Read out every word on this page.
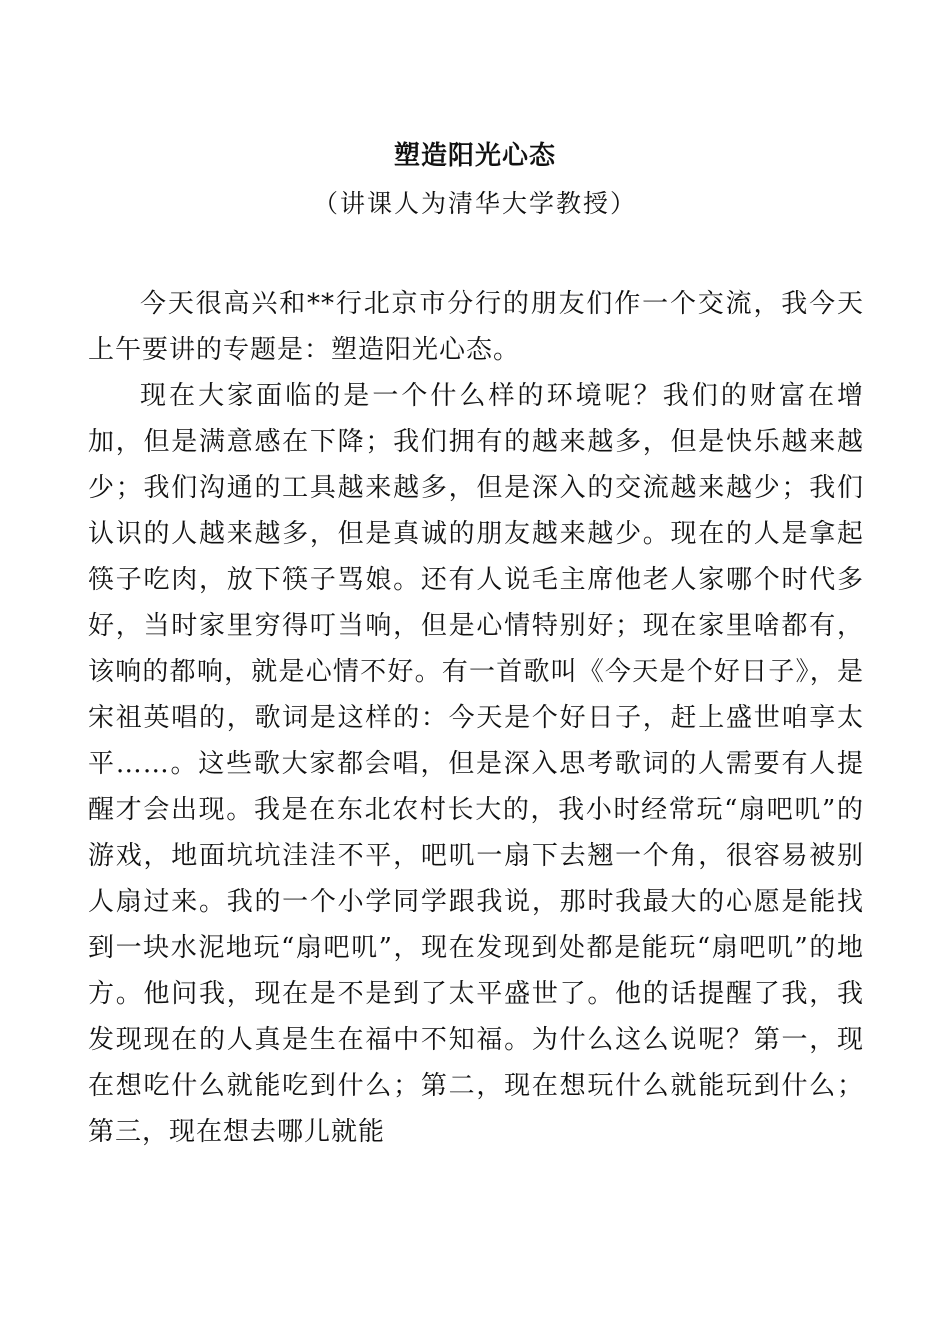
塑造阳光心态
（讲课人为清华大学教授）

今天很高兴和**行北京市分行的朋友们作一个交流，我今天上午要讲的专题是：塑造阳光心态。

现在大家面临的是一个什么样的环境呢？我们的财富在增加，但是满意感在下降；我们拥有的越来越多，但是快乐越来越少；我们沟通的工具越来越多，但是深入的交流越来越少；我们认识的人越来越多，但是真诚的朋友越来越少。现在的人是拿起筷子吃肉，放下筷子骂娘。还有人说毛主席他老人家哪个时代多好，当时家里穷得叮当响，但是心情特别好；现在家里啥都有，该响的都响，就是心情不好。有一首歌叫《今天是个好日子》，是宋祖英唱的，歌词是这样的：今天是个好日子，赶上盛世咱享太平……。这些歌大家都会唱，但是深入思考歌词的人需要有人提醒才会出现。我是在东北农村长大的，我小时经常玩“扇吧叽”的游戏，地面坑坑洼洼不平，吧叽一扇下去翘一个角，很容易被别人扇过来。我的一个小学同学跟我说，那时我最大的心愿是能找到一块水泥地玩“扇吧叽”，现在发现到处都是能玩“扇吧叽”的地方。他问我，现在是不是到了太平盛世了。他的话提醒了我，我发现现在的人真是生在福中不知福。为什么这么说呢？第一，现在想吃什么就能吃到什么；第二，现在想玩什么就能玩到什么；第三，现在想去哪儿就能
